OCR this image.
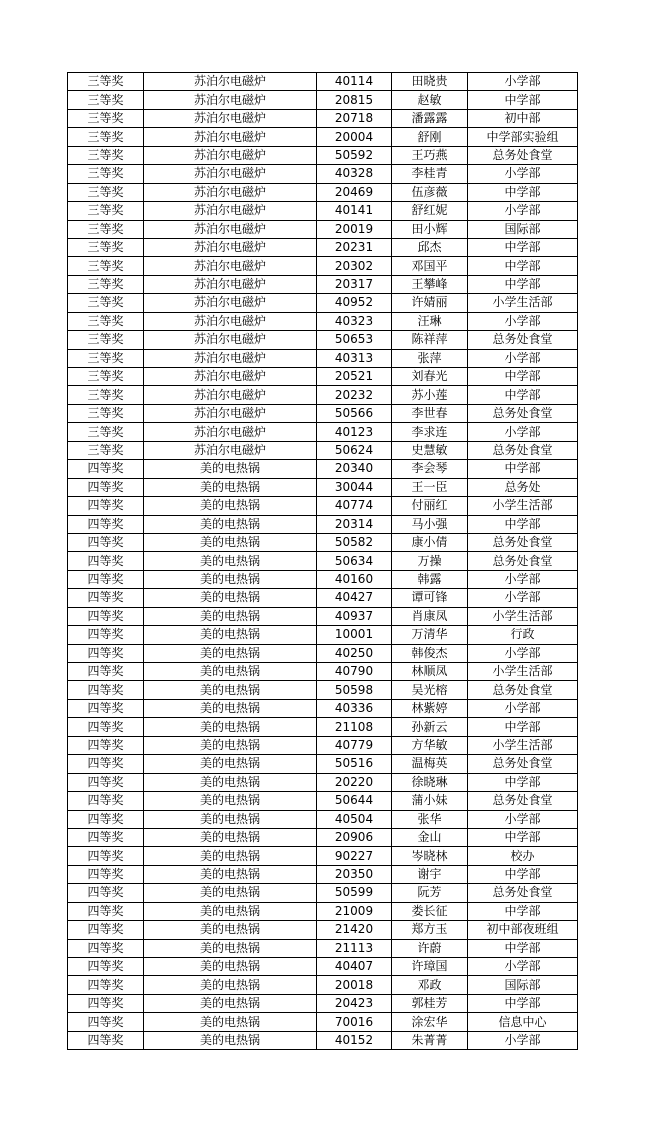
三等奖	苏泊尔电磁炉	40114	田晓贵	小学部
三等奖	苏泊尔电磁炉	20815	赵敏	中学部
三等奖	苏泊尔电磁炉	20718	潘露露	初中部
三等奖	苏泊尔电磁炉	20004	舒刚	中学部实验组
三等奖	苏泊尔电磁炉	50592	王巧燕	总务处食堂
三等奖	苏泊尔电磁炉	40328	李桂青	小学部
三等奖	苏泊尔电磁炉	20469	伍彦薇	中学部
三等奖	苏泊尔电磁炉	40141	舒红妮	小学部
三等奖	苏泊尔电磁炉	20019	田小辉	国际部
三等奖	苏泊尔电磁炉	20231	邱杰	中学部
三等奖	苏泊尔电磁炉	20302	邓国平	中学部
三等奖	苏泊尔电磁炉	20317	王攀峰	中学部
三等奖	苏泊尔电磁炉	40952	许婧丽	小学生活部
三等奖	苏泊尔电磁炉	40323	汪琳	小学部
三等奖	苏泊尔电磁炉	50653	陈祥萍	总务处食堂
三等奖	苏泊尔电磁炉	40313	张萍	小学部
三等奖	苏泊尔电磁炉	20521	刘春光	中学部
三等奖	苏泊尔电磁炉	20232	苏小莲	中学部
三等奖	苏泊尔电磁炉	50566	李世春	总务处食堂
三等奖	苏泊尔电磁炉	40123	李求连	小学部
三等奖	苏泊尔电磁炉	50624	史慧敏	总务处食堂
四等奖	美的电热锅	20340	李会琴	中学部
四等奖	美的电热锅	30044	王一臣	总务处
四等奖	美的电热锅	40774	付丽红	小学生活部
四等奖	美的电热锅	20314	马小强	中学部
四等奖	美的电热锅	50582	康小倩	总务处食堂
四等奖	美的电热锅	50634	万操	总务处食堂
四等奖	美的电热锅	40160	韩露	小学部
四等奖	美的电热锅	40427	谭可锋	小学部
四等奖	美的电热锅	40937	肖康凤	小学生活部
四等奖	美的电热锅	10001	万清华	行政
四等奖	美的电热锅	40250	韩俊杰	小学部
四等奖	美的电热锅	40790	林顺凤	小学生活部
四等奖	美的电热锅	50598	吴光榕	总务处食堂
四等奖	美的电热锅	40336	林紫婷	小学部
四等奖	美的电热锅	21108	孙新云	中学部
四等奖	美的电热锅	40779	方华敏	小学生活部
四等奖	美的电热锅	50516	温梅英	总务处食堂
四等奖	美的电热锅	20220	徐晓琳	中学部
四等奖	美的电热锅	50644	蒲小妹	总务处食堂
四等奖	美的电热锅	40504	张华	小学部
四等奖	美的电热锅	20906	金山	中学部
四等奖	美的电热锅	90227	岑晓林	校办
四等奖	美的电热锅	20350	谢宇	中学部
四等奖	美的电热锅	50599	阮芳	总务处食堂
四等奖	美的电热锅	21009	娄长征	中学部
四等奖	美的电热锅	21420	郑方玉	初中部夜班组
四等奖	美的电热锅	21113	许蔚	中学部
四等奖	美的电热锅	40407	许璋国	小学部
四等奖	美的电热锅	20018	邓政	国际部
四等奖	美的电热锅	20423	郭桂芳	中学部
四等奖	美的电热锅	70016	涂宏华	信息中心
四等奖	美的电热锅	40152	朱菁菁	小学部
